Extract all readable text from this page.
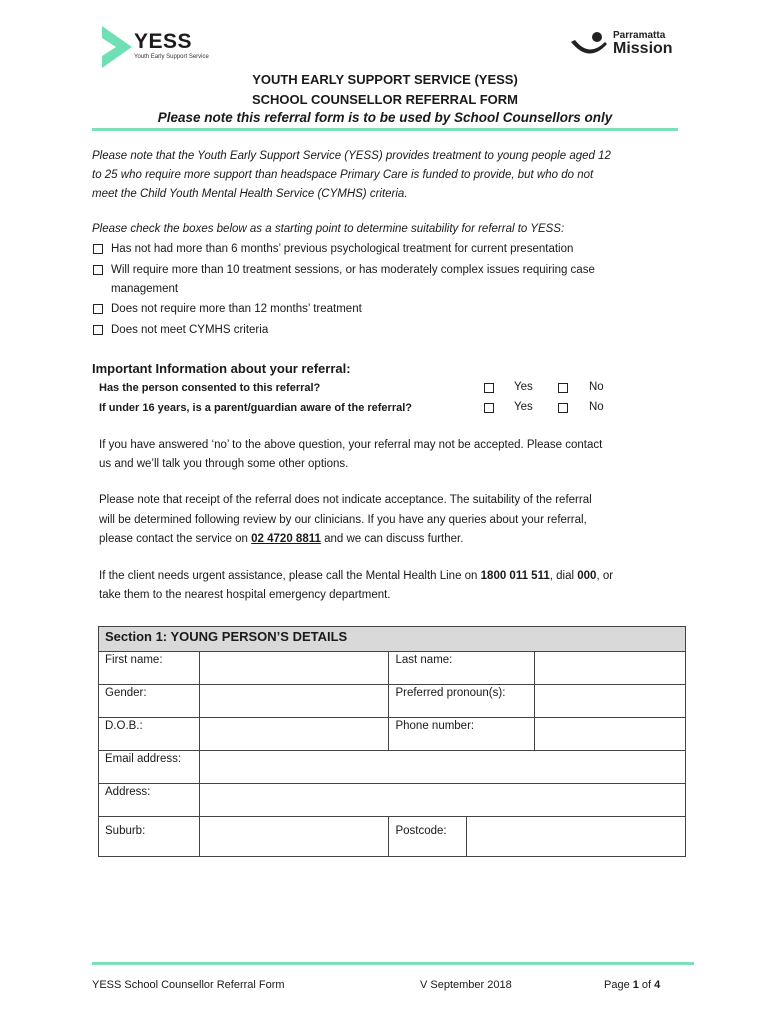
YESS
Youth Early Support Service
Parramatta
Mission
YOUTH EARLY SUPPORT SERVICE (YESS)
SCHOOL COUNSELLOR REFERRAL FORM
Please note this referral form is to be used by School Counsellors only
Please note that the Youth Early Support Service (YESS) provides treatment to young people aged 12
to 25 who require more support than headspace Primary Care is funded to provide, but who do not
meet the Child Youth Mental Health Service (CYMHS) criteria.
Please check the boxes below as a starting point to determine suitability for referral to YESS:
Has not had more than 6 months’ previous psychological treatment for current presentation
Will require more than 10 treatment sessions, or has moderately complex issues requiring case
management
Does not require more than 12 months’ treatment
Does not meet CYMHS criteria
Important Information about your referral:
Has the person consented to this referral?	Yes	No
If under 16 years, is a parent/guardian aware of the referral?	Yes	No
If you have answered ‘no’ to the above question, your referral may not be accepted. Please contact
us and we’ll talk you through some other options.
Please note that receipt of the referral does not indicate acceptance. The suitability of the referral
will be determined following review by our clinicians. If you have any queries about your referral,
please contact the service on 02 4720 8811 and we can discuss further.
If the client needs urgent assistance, please call the Mental Health Line on 1800 011 511, dial 000, or
take them to the nearest hospital emergency department.
Section 1: YOUNG PERSON’S DETAILS				
First name:		Last name:		
Gender:		Preferred pronoun(s):		
D.O.B.:		Phone number:		
Email address:				
Address:				
Suburb:		Postcode:		
YESS School Counsellor Referral Form	V September 2018	Page 1 of 4
